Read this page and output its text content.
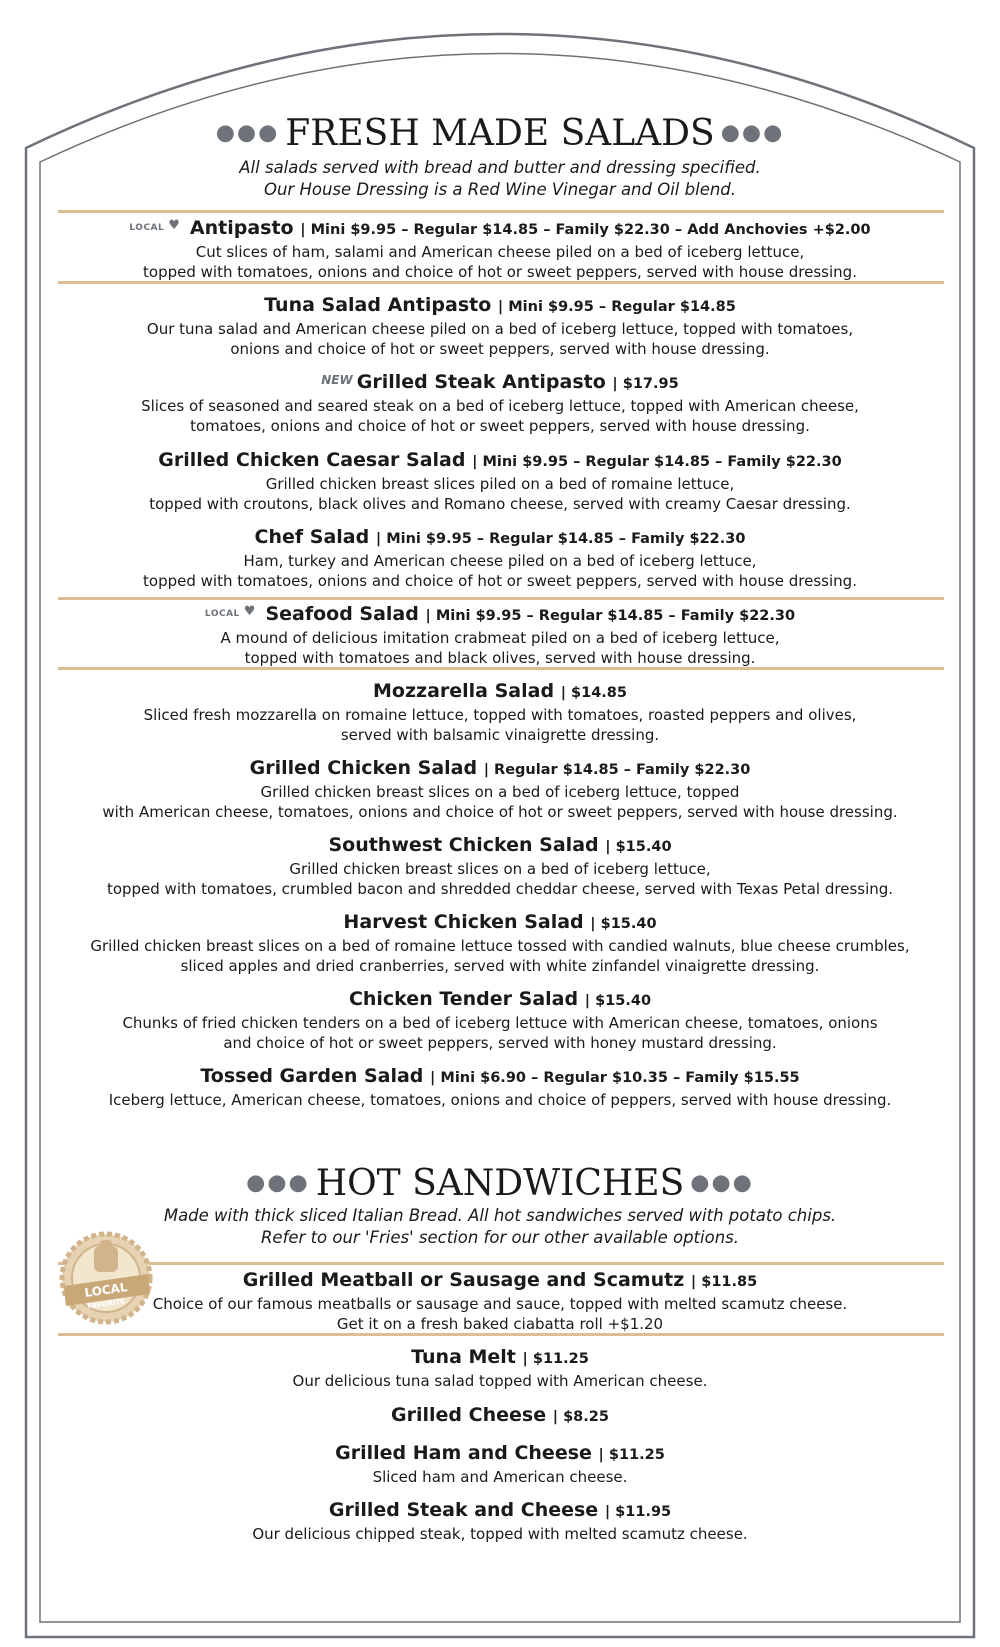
●●● FRESH MADE SALADS ●●●
All salads served with bread and butter and dressing specified.
Our House Dressing is a Red Wine Vinegar and Oil blend.
LOCAL ♥ Antipasto | Mini $9.95 – Regular $14.85 – Family $22.30 – Add Anchovies +$2.00
Cut slices of ham, salami and American cheese piled on a bed of iceberg lettuce,
topped with tomatoes, onions and choice of hot or sweet peppers, served with house dressing.
Tuna Salad Antipasto | Mini $9.95 – Regular $14.85
Our tuna salad and American cheese piled on a bed of iceberg lettuce, topped with tomatoes,
onions and choice of hot or sweet peppers, served with house dressing.
NEW Grilled Steak Antipasto | $17.95
Slices of seasoned and seared steak on a bed of iceberg lettuce, topped with American cheese,
tomatoes, onions and choice of hot or sweet peppers, served with house dressing.
Grilled Chicken Caesar Salad | Mini $9.95 – Regular $14.85 – Family $22.30
Grilled chicken breast slices piled on a bed of romaine lettuce,
topped with croutons, black olives and Romano cheese, served with creamy Caesar dressing.
Chef Salad | Mini $9.95 – Regular $14.85 – Family $22.30
Ham, turkey and American cheese piled on a bed of iceberg lettuce,
topped with tomatoes, onions and choice of hot or sweet peppers, served with house dressing.
LOCAL ♥ Seafood Salad | Mini $9.95 – Regular $14.85 – Family $22.30
A mound of delicious imitation crabmeat piled on a bed of iceberg lettuce,
topped with tomatoes and black olives, served with house dressing.
Mozzarella Salad | $14.85
Sliced fresh mozzarella on romaine lettuce, topped with tomatoes, roasted peppers and olives,
served with balsamic vinaigrette dressing.
Grilled Chicken Salad | Regular $14.85 – Family $22.30
Grilled chicken breast slices on a bed of iceberg lettuce, topped
with American cheese, tomatoes, onions and choice of hot or sweet peppers, served with house dressing.
Southwest Chicken Salad | $15.40
Grilled chicken breast slices on a bed of iceberg lettuce,
topped with tomatoes, crumbled bacon and shredded cheddar cheese, served with Texas Petal dressing.
Harvest Chicken Salad | $15.40
Grilled chicken breast slices on a bed of romaine lettuce tossed with candied walnuts, blue cheese crumbles,
sliced apples and dried cranberries, served with white zinfandel vinaigrette dressing.
Chicken Tender Salad | $15.40
Chunks of fried chicken tenders on a bed of iceberg lettuce with American cheese, tomatoes, onions
and choice of hot or sweet peppers, served with honey mustard dressing.
Tossed Garden Salad | Mini $6.90 – Regular $10.35 – Family $15.55
Iceberg lettuce, American cheese, tomatoes, onions and choice of peppers, served with house dressing.
●●● HOT SANDWICHES ●●●
Made with thick sliced Italian Bread. All hot sandwiches served with potato chips.
Refer to our 'Fries' section for our other available options.
LOCAL
FAVORITE
Grilled Meatball or Sausage and Scamutz | $11.85
Choice of our famous meatballs or sausage and sauce, topped with melted scamutz cheese.
Get it on a fresh baked ciabatta roll +$1.20
Tuna Melt | $11.25
Our delicious tuna salad topped with American cheese.
Grilled Cheese | $8.25
Grilled Ham and Cheese | $11.25
Sliced ham and American cheese.
Grilled Steak and Cheese | $11.95
Our delicious chipped steak, topped with melted scamutz cheese.
